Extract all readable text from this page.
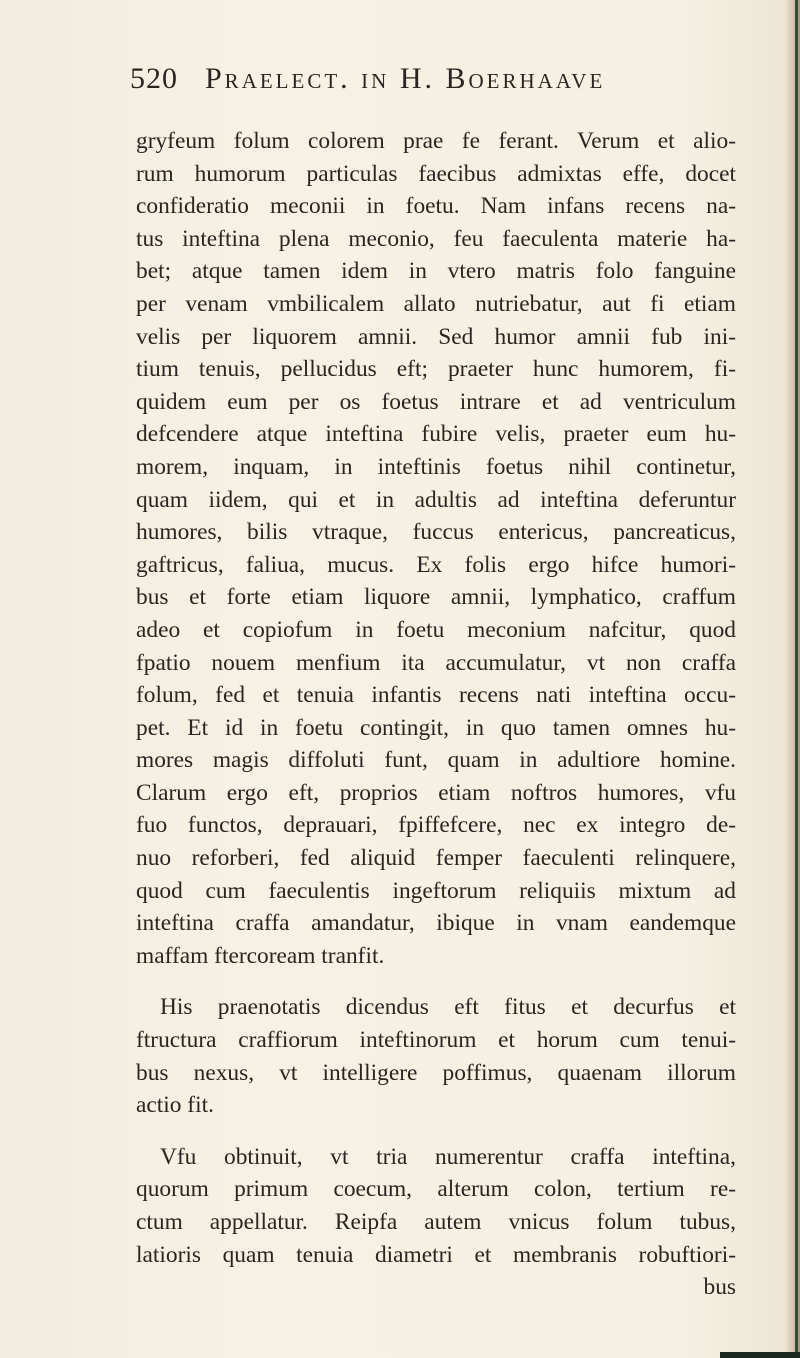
520 Praelect. in H. Boerhaave
gryfeum folum colorem prae fe ferant. Verum et alio-
rum humorum particulas faecibus admixtas effe, docet
confideratio meconii in foetu. Nam infans recens na-
tus inteftina plena meconio, feu faeculenta materie ha-
bet; atque tamen idem in vtero matris folo fanguine
per venam vmbilicalem allato nutriebatur, aut fi etiam
velis per liquorem amnii. Sed humor amnii fub ini-
tium tenuis, pellucidus eft; praeter hunc humorem, fi-
quidem eum per os foetus intrare et ad ventriculum
defcendere atque inteftina fubire velis, praeter eum hu-
morem, inquam, in inteftinis foetus nihil continetur,
quam iidem, qui et in adultis ad inteftina deferuntur
humores, bilis vtraque, fuccus entericus, pancreaticus,
gaftricus, faliua, mucus. Ex folis ergo hifce humori-
bus et forte etiam liquore amnii, lymphatico, craffum
adeo et copiofum in foetu meconium nafcitur, quod
fpatio nouem menfium ita accumulatur, vt non craffa
folum, fed et tenuia infantis recens nati inteftina occu-
pet. Et id in foetu contingit, in quo tamen omnes hu-
mores magis diffoluti funt, quam in adultiore homine.
Clarum ergo eft, proprios etiam noftros humores, vfu
fuo functos, deprauari, fpiffefcere, nec ex integro de-
nuo reforberi, fed aliquid femper faeculenti relinquere,
quod cum faeculentis ingeftorum reliquiis mixtum ad
inteftina craffa amandatur, ibique in vnam eandemque
maffam ftercoream tranfit.
His praenotatis dicendus eft fitus et decurfus et
ftructura craffiorum inteftinorum et horum cum tenui-
bus nexus, vt intelligere poffimus, quaenam illorum
actio fit.
Vfu obtinuit, vt tria numerentur craffa inteftina,
quorum primum coecum, alterum colon, tertium re-
ctum appellatur. Reipfa autem vnicus folum tubus,
latioris quam tenuia diametri et membranis robuftiori-
bus
